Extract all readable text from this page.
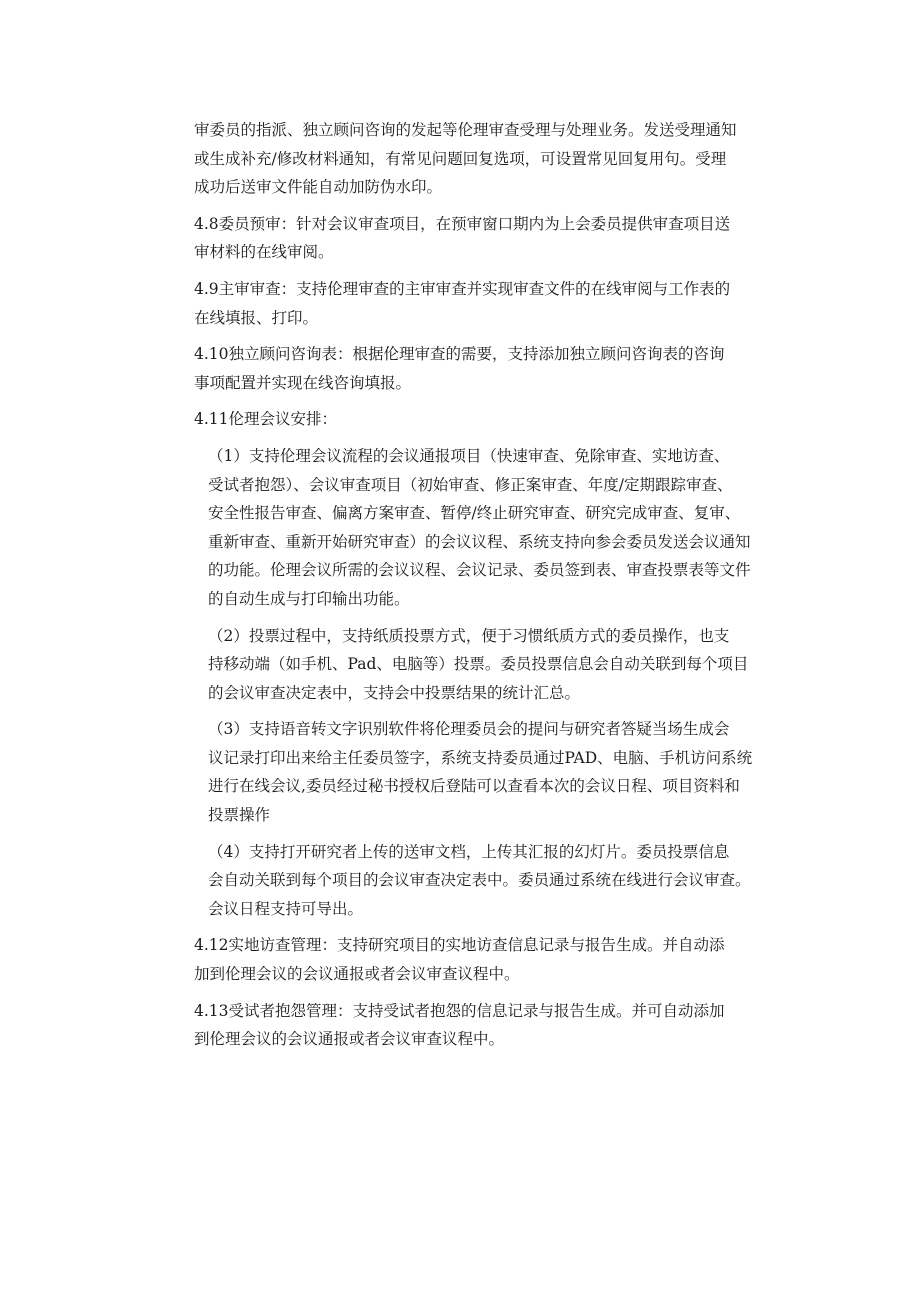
审委员的指派、独立顾问咨询的发起等伦理审查受理与处理业务。发送受理通知
或生成补充/修改材料通知，有常见问题回复选项，可设置常见回复用句。受理
成功后送审文件能自动加防伪水印。

4.8委员预审：针对会议审查项目，在预审窗口期内为上会委员提供审查项目送
审材料的在线审阅。

4.9主审审查：支持伦理审查的主审审查并实现审查文件的在线审阅与工作表的
在线填报、打印。

4.10独立顾问咨询表：根据伦理审查的需要，支持添加独立顾问咨询表的咨询
事项配置并实现在线咨询填报。

4.11伦理会议安排：

（1）支持伦理会议流程的会议通报项目（快速审查、免除审查、实地访查、
受试者抱怨）、会议审查项目（初始审查、修正案审查、年度/定期跟踪审查、
安全性报告审查、偏离方案审查、暂停/终止研究审查、研究完成审查、复审、
重新审查、重新开始研究审查）的会议议程、系统支持向参会委员发送会议通知
的功能。伦理会议所需的会议议程、会议记录、委员签到表、审查投票表等文件
的自动生成与打印输出功能。

（2）投票过程中，支持纸质投票方式，便于习惯纸质方式的委员操作，也支
持移动端（如手机、Pad、电脑等）投票。委员投票信息会自动关联到每个项目
的会议审查决定表中，支持会中投票结果的统计汇总。

（3）支持语音转文字识别软件将伦理委员会的提问与研究者答疑当场生成会
议记录打印出来给主任委员签字，系统支持委员通过PAD、电脑、手机访问系统
进行在线会议,委员经过秘书授权后登陆可以查看本次的会议日程、项目资料和
投票操作

（4）支持打开研究者上传的送审文档，上传其汇报的幻灯片。委员投票信息
会自动关联到每个项目的会议审查决定表中。委员通过系统在线进行会议审查。
会议日程支持可导出。

4.12实地访查管理：支持研究项目的实地访查信息记录与报告生成。并自动添
加到伦理会议的会议通报或者会议审查议程中。

4.13受试者抱怨管理：支持受试者抱怨的信息记录与报告生成。并可自动添加
到伦理会议的会议通报或者会议审查议程中。
